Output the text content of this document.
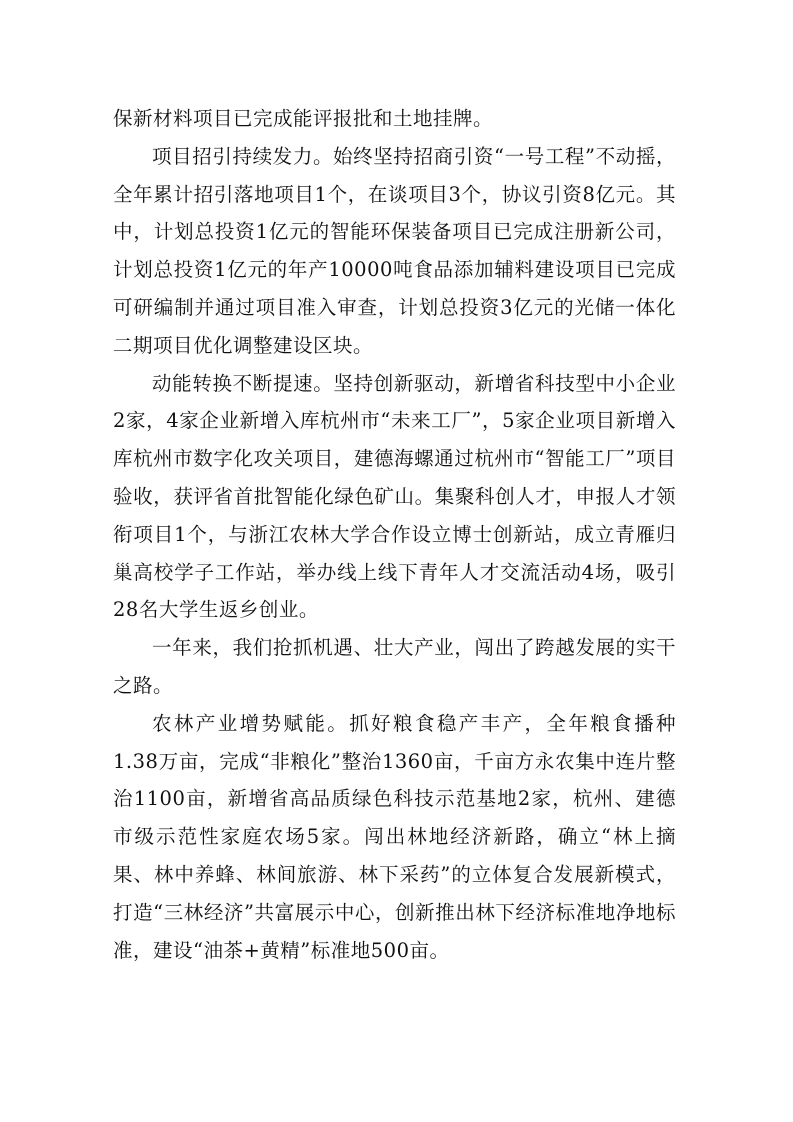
保新材料项目已完成能评报批和土地挂牌。

项目招引持续发力。始终坚持招商引资“一号工程”不动摇，全年累计招引落地项目1个，在谈项目3个，协议引资8亿元。其中，计划总投资1亿元的智能环保装备项目已完成注册新公司，计划总投资1亿元的年产10000吨食品添加辅料建设项目已完成可研编制并通过项目准入审查，计划总投资3亿元的光储一体化二期项目优化调整建设区块。

动能转换不断提速。坚持创新驱动，新增省科技型中小企业2家，4家企业新增入库杭州市“未来工厂”，5家企业项目新增入库杭州市数字化攻关项目，建德海螺通过杭州市“智能工厂”项目验收，获评省首批智能化绿色矿山。集聚科创人才，申报人才领衔项目1个，与浙江农林大学合作设立博士创新站，成立青雁归巢高校学子工作站，举办线上线下青年人才交流活动4场，吸引28名大学生返乡创业。

一年来，我们抢抓机遇、壮大产业，闯出了跨越发展的实干之路。

农林产业增势赋能。抓好粮食稳产丰产，全年粮食播种1.38万亩，完成“非粮化”整治1360亩，千亩方永农集中连片整治1100亩，新增省高品质绿色科技示范基地2家，杭州、建德市级示范性家庭农场5家。闯出林地经济新路，确立“林上摘果、林中养蜂、林间旅游、林下采药”的立体复合发展新模式，打造“三林经济”共富展示中心，创新推出林下经济标准地净地标准，建设“油茶+黄精”标准地500亩。
